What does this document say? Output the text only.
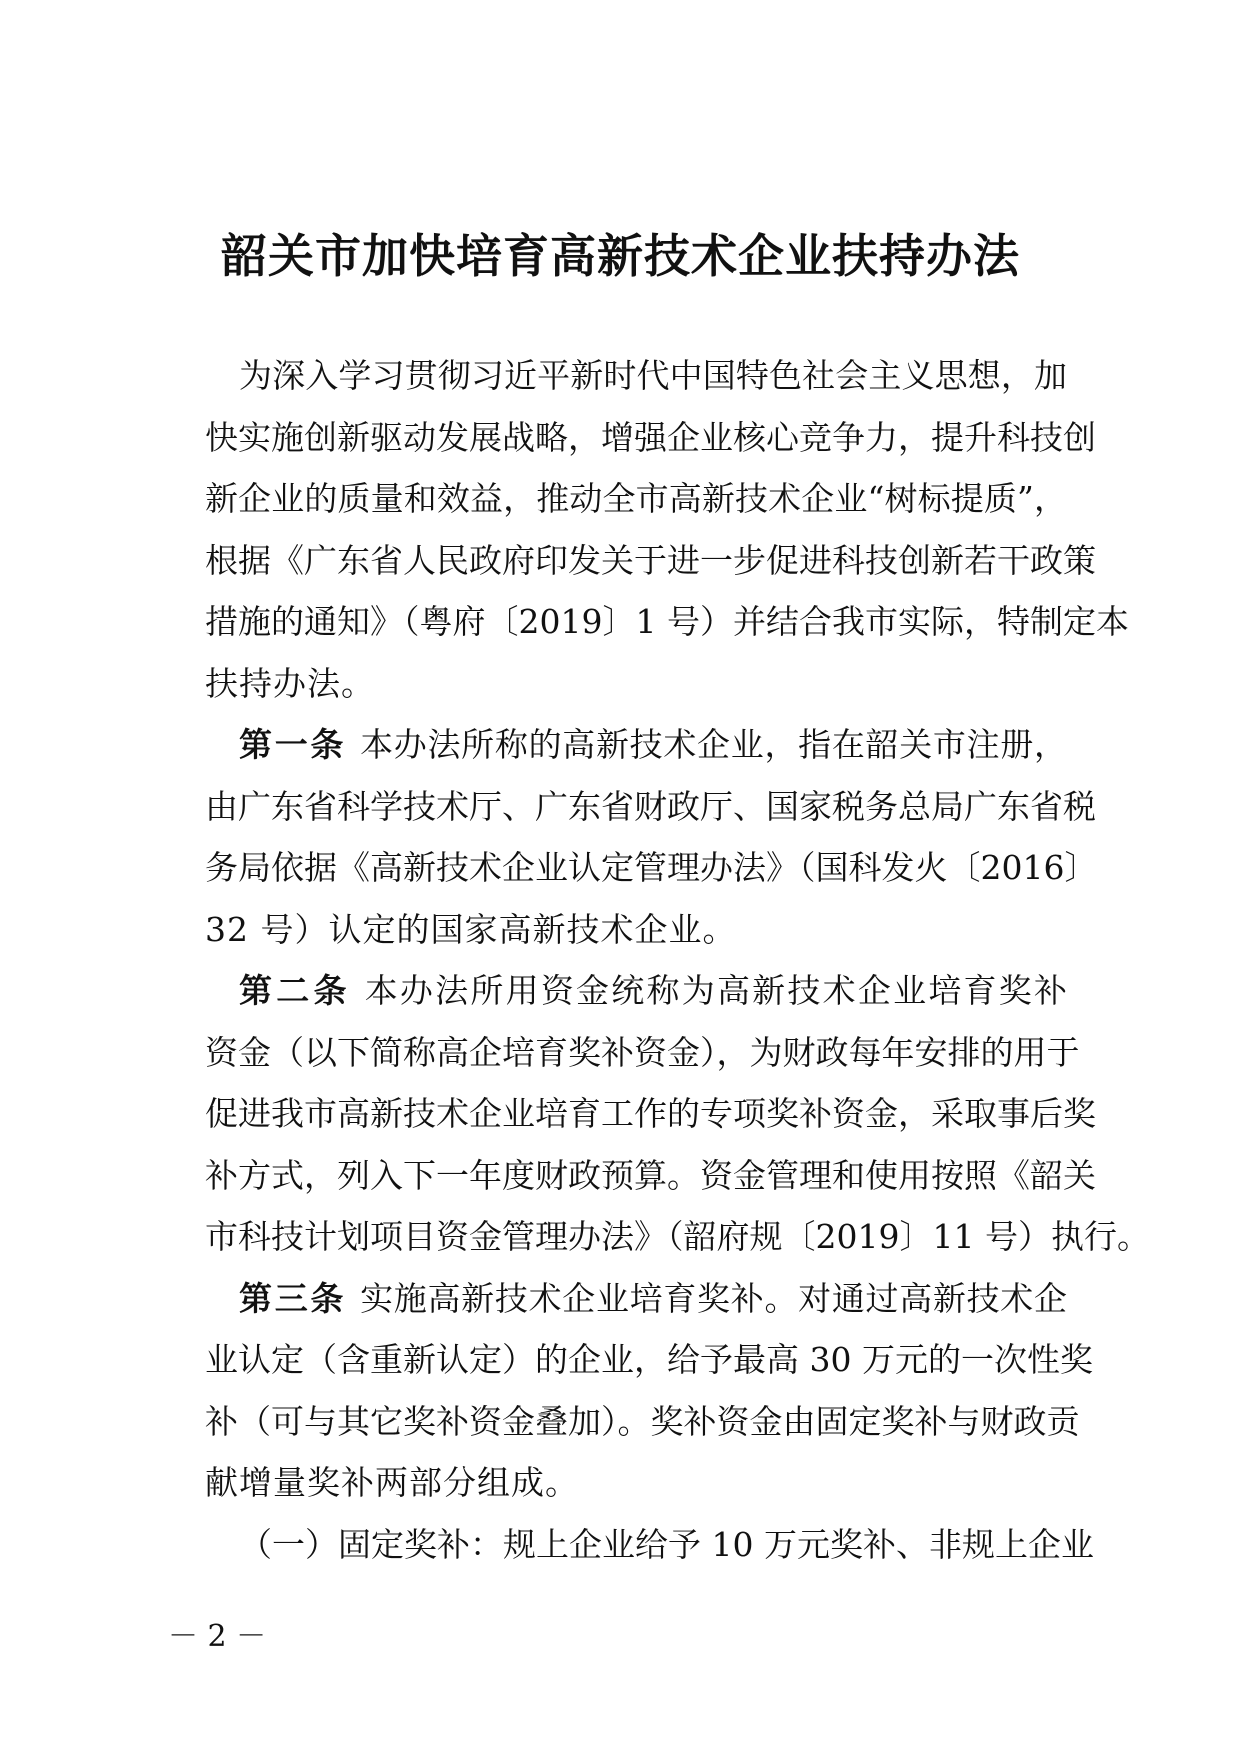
韶关市加快培育高新技术企业扶持办法
为深入学习贯彻习近平新时代中国特色社会主义思想，加
快实施创新驱动发展战略，增强企业核心竞争力，提升科技创
新企业的质量和效益，推动全市高新技术企业“树标提质”，
根据《广东省人民政府印发关于进一步促进科技创新若干政策
措施的通知》（粤府〔2019〕1 号）并结合我市实际，特制定本
扶持办法。
第一条 本办法所称的高新技术企业，指在韶关市注册，
由广东省科学技术厅、广东省财政厅、国家税务总局广东省税
务局依据《高新技术企业认定管理办法》（国科发火〔2016〕
32 号）认定的国家高新技术企业。
第二条 本办法所用资金统称为高新技术企业培育奖补
资金（以下简称高企培育奖补资金），为财政每年安排的用于
促进我市高新技术企业培育工作的专项奖补资金，采取事后奖
补方式，列入下一年度财政预算。资金管理和使用按照《韶关
市科技计划项目资金管理办法》（韶府规〔2019〕11 号）执行。
第三条 实施高新技术企业培育奖补。对通过高新技术企
业认定（含重新认定）的企业，给予最高 30 万元的一次性奖
补（可与其它奖补资金叠加）。奖补资金由固定奖补与财政贡
献增量奖补两部分组成。
（一）固定奖补：规上企业给予 10 万元奖补、非规上企业
－ 2 －
